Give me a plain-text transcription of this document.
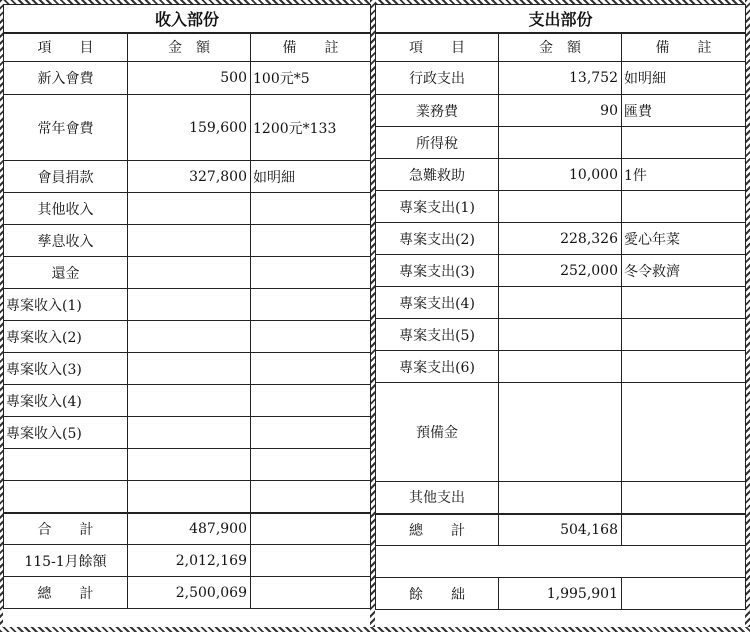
收入部份		
項　　目	金　額	備　　註
新入會費	500	100元*5
常年會費	159,600	1200元*133
會員捐款	327,800	如明細
其他收入		
孳息收入		
還金		
專案收入(1)		
專案收入(2)		
專案收入(3)		
專案收入(4)		
專案收入(5)		

合　　計	487,900	
115-1月餘額	2,012,169	
總　　計	2,500,069	
支出部份		
項　　目	金　額	備　　註
行政支出	13,752	如明細
業務費	90	匯費
所得稅		
急難救助	10,000	1件
專案支出(1)		
專案支出(2)	228,326	愛心年菜
專案支出(3)	252,000	冬令救濟
專案支出(4)		
專案支出(5)		
專案支出(6)		
預備金		
其他支出		
總　　計	504,168	

餘　　絀	1,995,901	
